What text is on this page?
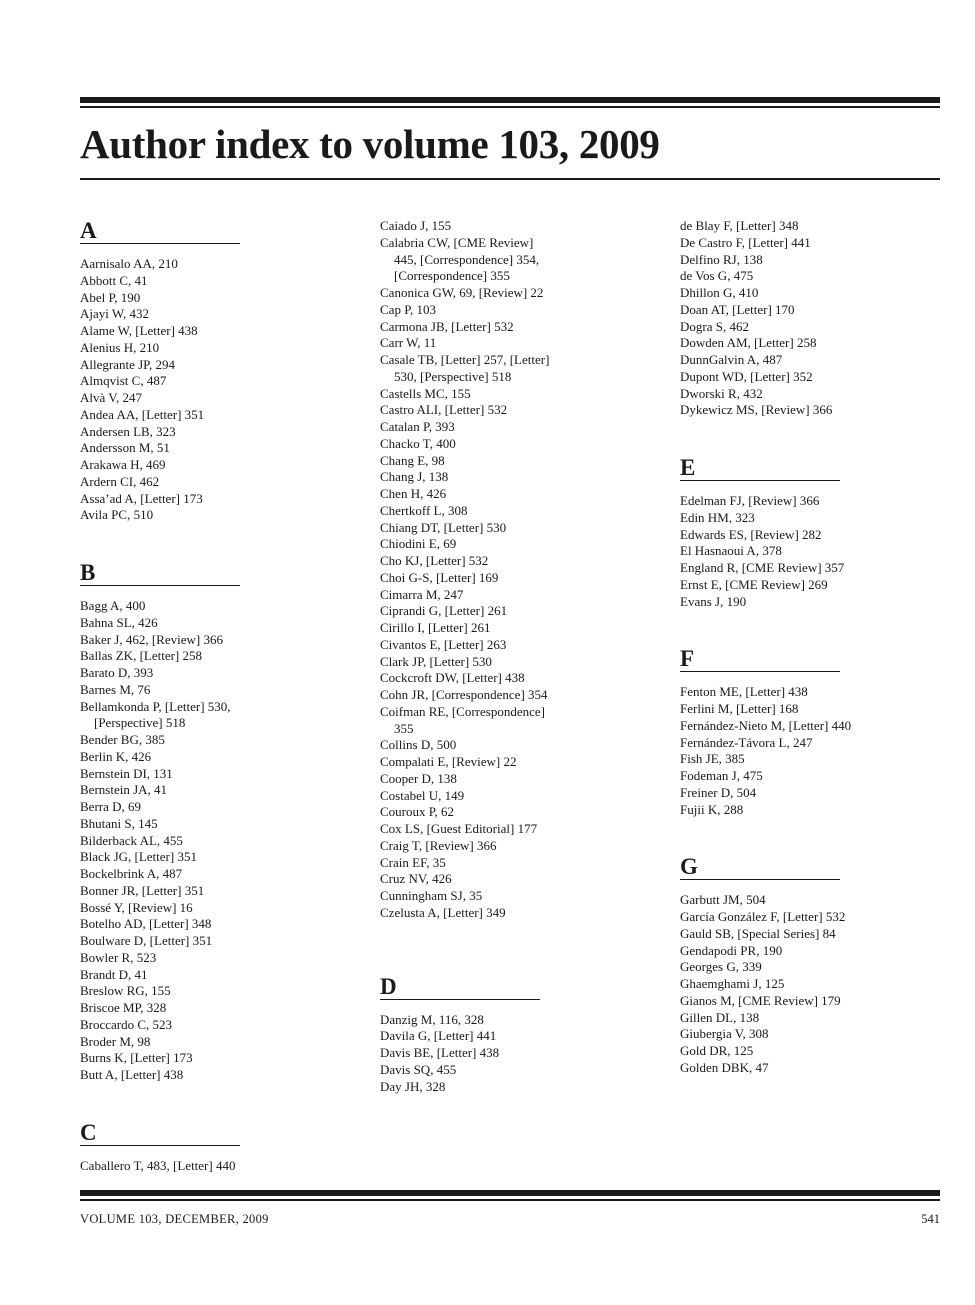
Author index to volume 103, 2009
A
Aarnisalo AA, 210
Abbott C, 41
Abel P, 190
Ajayi W, 432
Alame W, [Letter] 438
Alenius H, 210
Allegrante JP, 294
Almqvist C, 487
Alvà V, 247
Andea AA, [Letter] 351
Andersen LB, 323
Andersson M, 51
Arakawa H, 469
Ardern CI, 462
Assa’ad A, [Letter] 173
Avila PC, 510
B
Bagg A, 400
Bahna SL, 426
Baker J, 462, [Review] 366
Ballas ZK, [Letter] 258
Barato D, 393
Barnes M, 76
Bellamkonda P, [Letter] 530, [Perspective] 518
Bender BG, 385
Berlin K, 426
Bernstein DI, 131
Bernstein JA, 41
Berra D, 69
Bhutani S, 145
Bilderback AL, 455
Black JG, [Letter] 351
Bockelbrink A, 487
Bonner JR, [Letter] 351
Bossé Y, [Review] 16
Botelho AD, [Letter] 348
Boulware D, [Letter] 351
Bowler R, 523
Brandt D, 41
Breslow RG, 155
Briscoe MP, 328
Broccardo C, 523
Broder M, 98
Burns K, [Letter] 173
Butt A, [Letter] 438
C
Caballero T, 483, [Letter] 440
Caiado J, 155
Calabria CW, [CME Review] 445, [Correspondence] 354, [Correspondence] 355
Canonica GW, 69, [Review] 22
Cap P, 103
Carmona JB, [Letter] 532
Carr W, 11
Casale TB, [Letter] 257, [Letter] 530, [Perspective] 518
Castells MC, 155
Castro ALI, [Letter] 532
Catalan P, 393
Chacko T, 400
Chang E, 98
Chang J, 138
Chen H, 426
Chertkoff L, 308
Chiang DT, [Letter] 530
Chiodini E, 69
Cho KJ, [Letter] 532
Choi G-S, [Letter] 169
Cimarra M, 247
Ciprandi G, [Letter] 261
Cirillo I, [Letter] 261
Civantos E, [Letter] 263
Clark JP, [Letter] 530
Cockcroft DW, [Letter] 438
Cohn JR, [Correspondence] 354
Coifman RE, [Correspondence] 355
Collins D, 500
Compalati E, [Review] 22
Cooper D, 138
Costabel U, 149
Couroux P, 62
Cox LS, [Guest Editorial] 177
Craig T, [Review] 366
Crain EF, 35
Cruz NV, 426
Cunningham SJ, 35
Czelusta A, [Letter] 349
D
Danzig M, 116, 328
Davila G, [Letter] 441
Davis BE, [Letter] 438
Davis SQ, 455
Day JH, 328
de Blay F, [Letter] 348
De Castro F, [Letter] 441
Delfino RJ, 138
de Vos G, 475
Dhillon G, 410
Doan AT, [Letter] 170
Dogra S, 462
Dowden AM, [Letter] 258
DunnGalvin A, 487
Dupont WD, [Letter] 352
Dworski R, 432
Dykewicz MS, [Review] 366
E
Edelman FJ, [Review] 366
Edin HM, 323
Edwards ES, [Review] 282
El Hasnaoui A, 378
England R, [CME Review] 357
Ernst E, [CME Review] 269
Evans J, 190
F
Fenton ME, [Letter] 438
Ferlini M, [Letter] 168
Fernández-Nieto M, [Letter] 440
Fernández-Távora L, 247
Fish JE, 385
Fodeman J, 475
Freiner D, 504
Fujii K, 288
G
Garbutt JM, 504
García González F, [Letter] 532
Gauld SB, [Special Series] 84
Gendapodi PR, 190
Georges G, 339
Ghaemghami J, 125
Gianos M, [CME Review] 179
Gillen DL, 138
Giubergia V, 308
Gold DR, 125
Golden DBK, 47
VOLUME 103, DECEMBER, 2009	541
